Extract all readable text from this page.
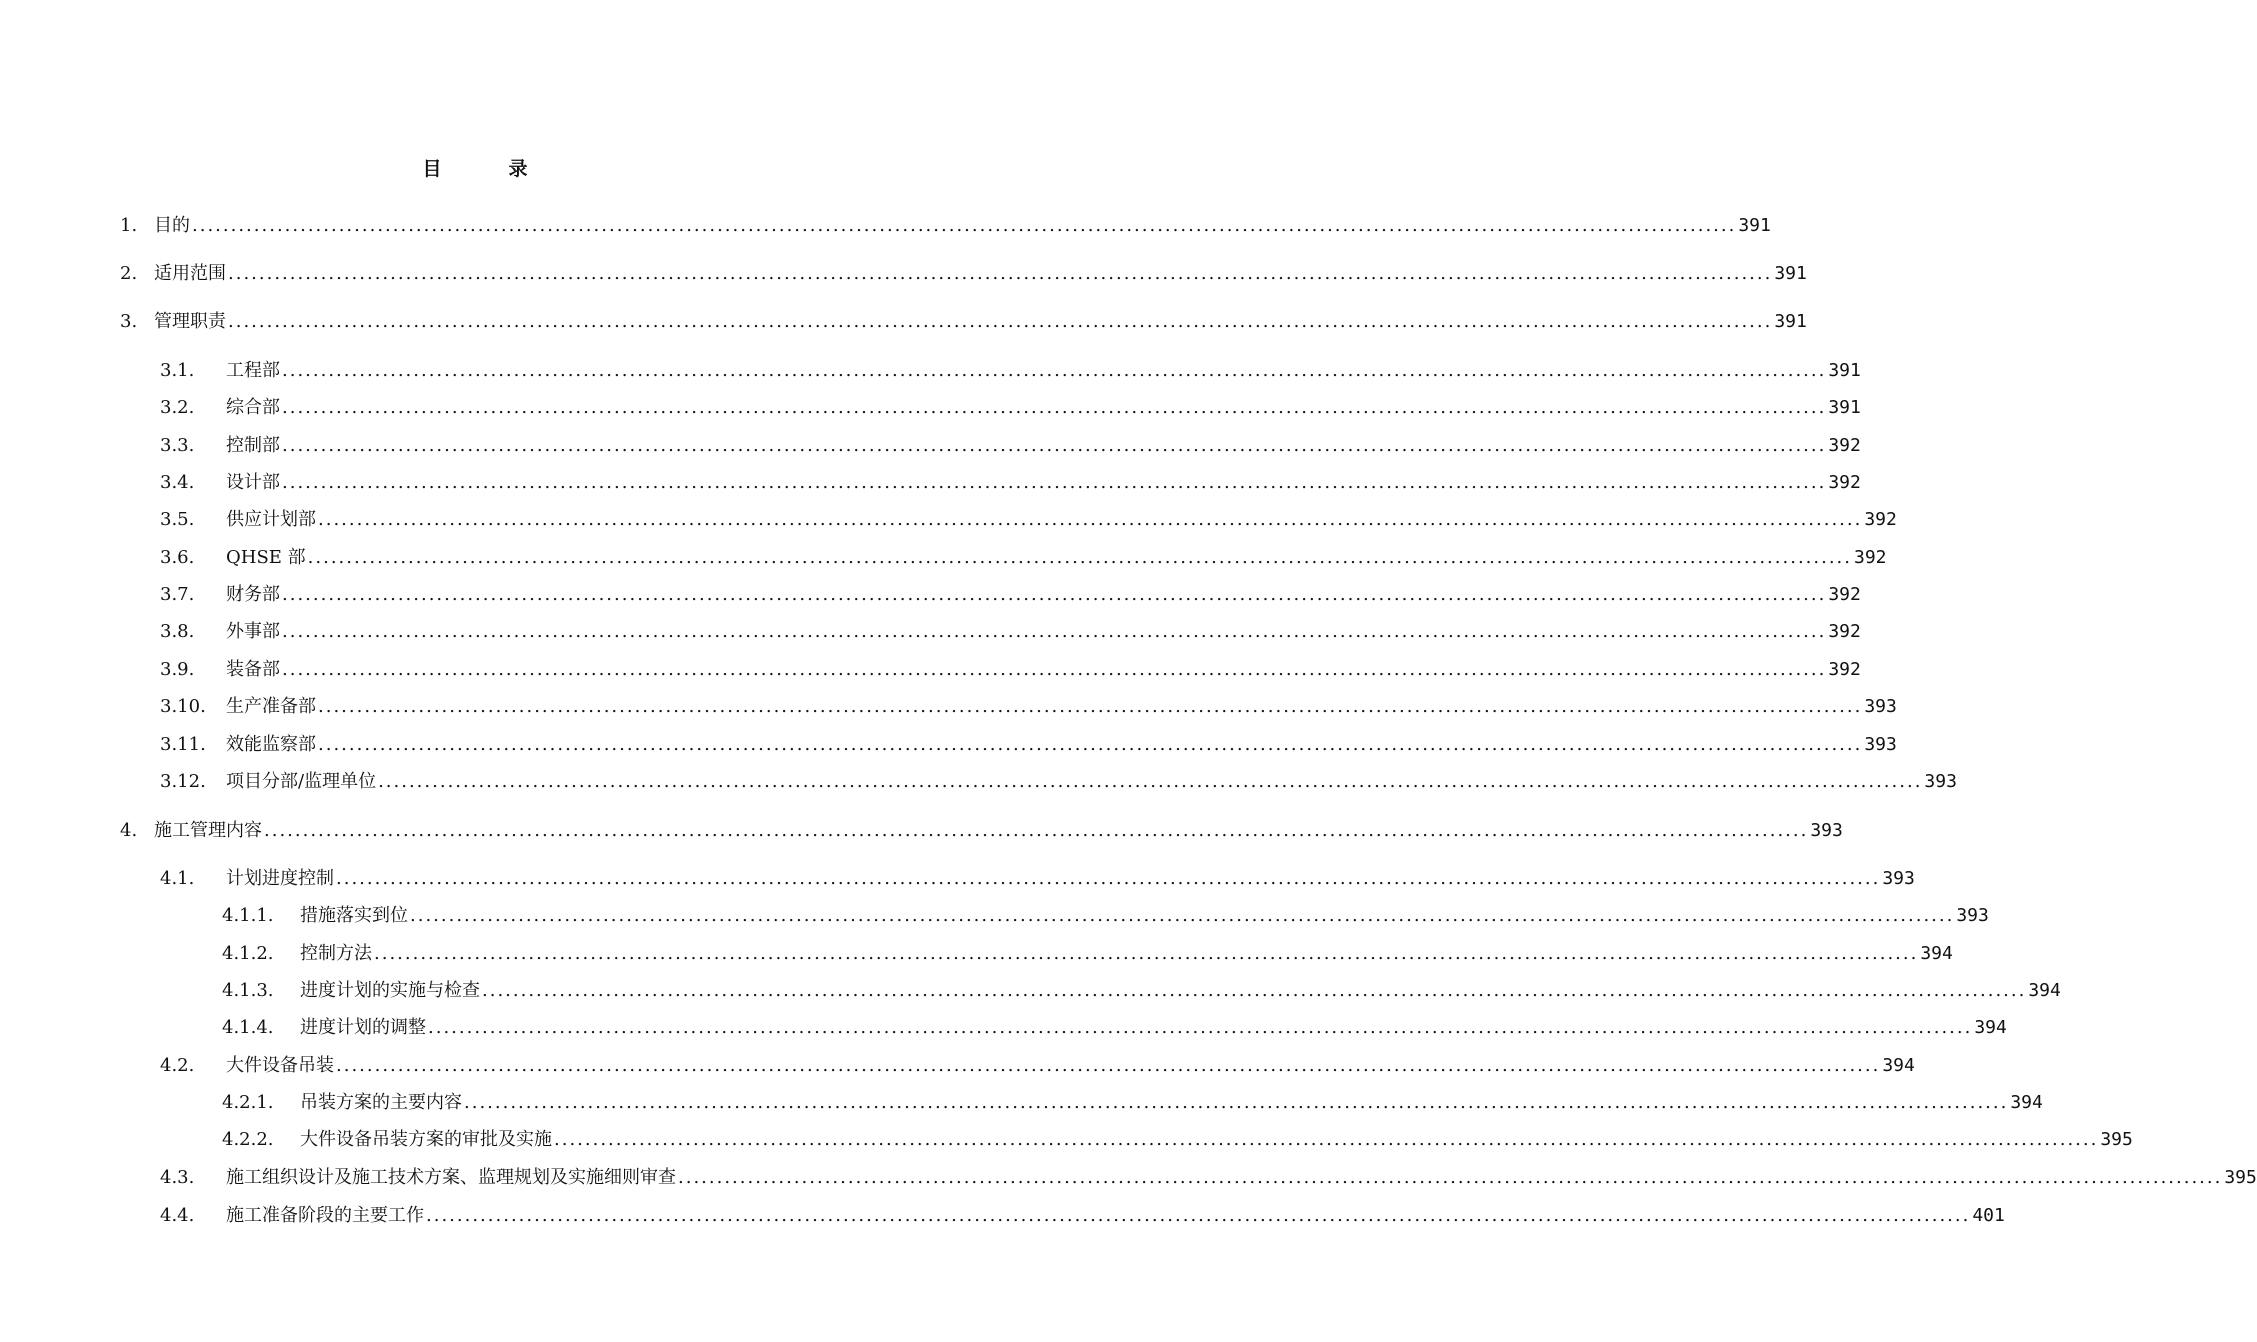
目　录
1. 目的 ........................................................................................................................................................................................................ 391
2. 适用范围 ........................................................................................................................................................................................................ 391
3. 管理职责 ........................................................................................................................................................................................................ 391
3.1.	工程部 ........................................................................................................................................................................................................ 391
3.2.	综合部 ........................................................................................................................................................................................................ 391
3.3.	控制部 ........................................................................................................................................................................................................ 392
3.4.	设计部 ........................................................................................................................................................................................................ 392
3.5.	供应计划部 ........................................................................................................................................................................................................ 392
3.6.	QHSE 部 ........................................................................................................................................................................................................ 392
3.7.	财务部 ........................................................................................................................................................................................................ 392
3.8.	外事部 ........................................................................................................................................................................................................ 392
3.9.	装备部 ........................................................................................................................................................................................................ 392
3.10.	生产准备部 ........................................................................................................................................................................................................ 393
3.11.	效能监察部 ........................................................................................................................................................................................................ 393
3.12.	项目分部/监理单位 ........................................................................................................................................................................................................ 393
4. 施工管理内容 ........................................................................................................................................................................................................ 393
4.1.	计划进度控制 ........................................................................................................................................................................................................ 393
4.1.1.	措施落实到位 ........................................................................................................................................................................................................ 393
4.1.2.	控制方法 ........................................................................................................................................................................................................ 394
4.1.3.	进度计划的实施与检查 ........................................................................................................................................................................................................ 394
4.1.4.	进度计划的调整 ........................................................................................................................................................................................................ 394
4.2.	大件设备吊装 ........................................................................................................................................................................................................ 394
4.2.1.	吊装方案的主要内容 ........................................................................................................................................................................................................ 394
4.2.2.	大件设备吊装方案的审批及实施 ........................................................................................................................................................................................................ 395
4.3.	施工组织设计及施工技术方案、监理规划及实施细则审查 ........................................................................................................................................................................................................ 395
4.4.	施工准备阶段的主要工作 ........................................................................................................................................................................................................ 401
